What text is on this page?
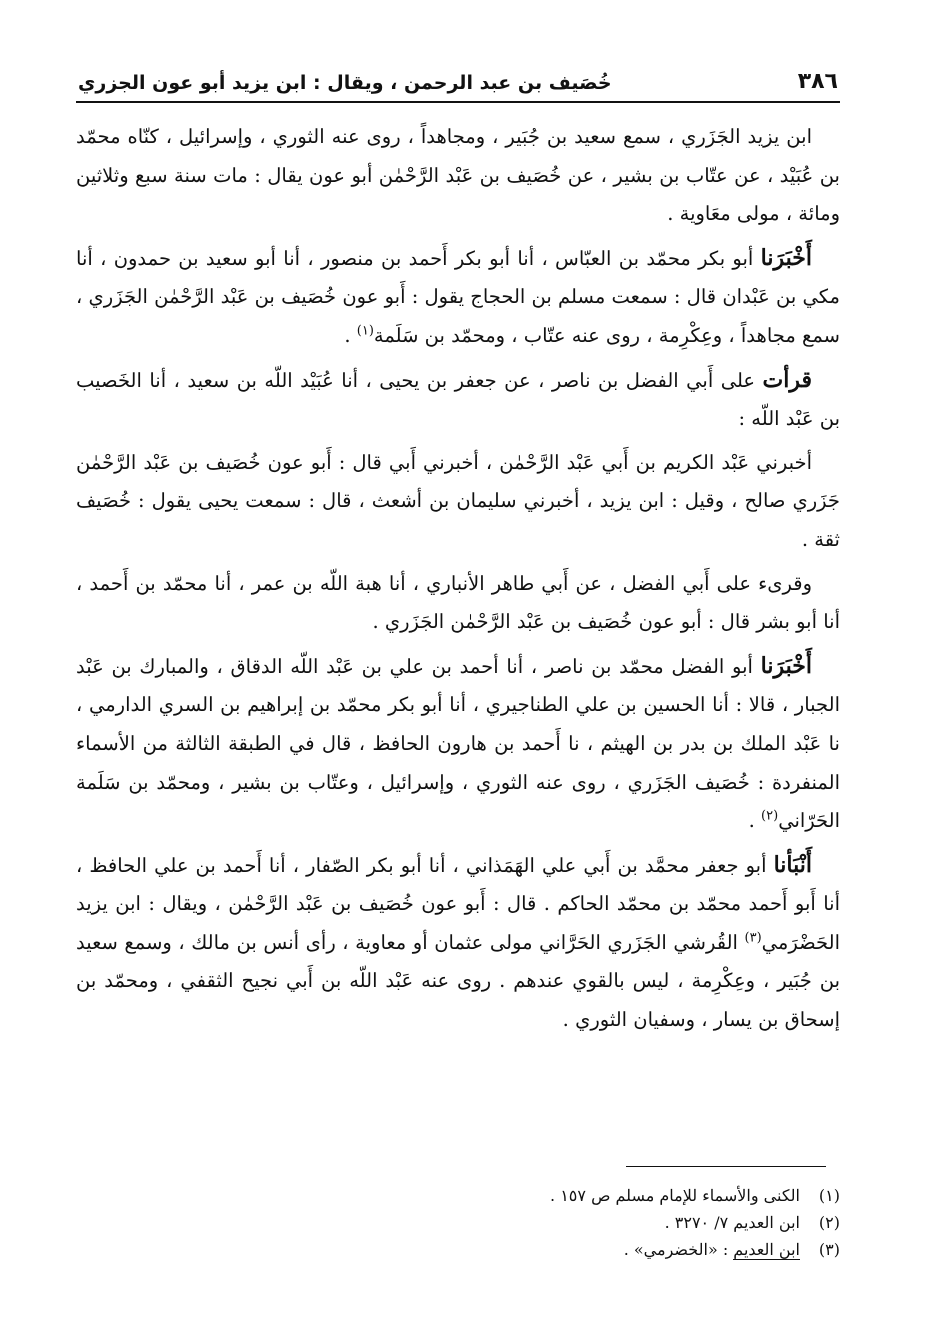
٣٨٦
خُصَيف بن عبد الرحمن ، ويقال : ابن يزيد أبو عون الجزري

ابن يزيد الجَزَري ، سمع سعيد بن جُبَير ، ومجاهداً ، روى عنه الثوري ، وإسرائيل ، كنّاه محمّد بن عُبَيْد ، عن عتّاب بن بشير ، عن خُصَيف بن عَبْد الرَّحْمٰن أبو عون يقال : مات سنة سبع وثلاثين ومائة ، مولى معَاوية .

أَخْبَرَنا أبو بكر محمّد بن العبّاس ، أنا أبو بكر أَحمد بن منصور ، أنا أبو سعيد بن حمدون ، أنا مكي بن عَبْدان قال : سمعت مسلم بن الحجاج يقول : أَبو عون خُصَيف بن عَبْد الرَّحْمٰن الجَزَري ، سمع مجاهداً ، وعِكْرِمة ، روى عنه عتّاب ، ومحمّد بن سَلَمة$^{(١)}$ .

قرأت على أَبي الفضل بن ناصر ، عن جعفر بن يحيى ، أنا عُبَيْد اللّه بن سعيد ، أنا الخَصيب بن عَبْد اللّه :

أخبرني عَبْد الكريم بن أَبي عَبْد الرَّحْمٰن ، أخبرني أَبي قال : أَبو عون خُصَيف بن عَبْد الرَّحْمٰن جَزَري صالح ، وقيل : ابن يزيد ، أخبرني سليمان بن أشعث ، قال : سمعت يحيى يقول : خُصَيف ثقة .

وقرىء على أَبي الفضل ، عن أَبي طاهر الأنباري ، أنا هبة اللّه بن عمر ، أنا محمّد بن أَحمد ، أنا أبو بشر قال : أبو عون خُصَيف بن عَبْد الرَّحْمٰن الجَزَري .

أَخْبَرَنا أبو الفضل محمّد بن ناصر ، أنا أحمد بن علي بن عَبْد اللّه الدقاق ، والمبارك بن عَبْد الجبار ، قالا : أنا الحسين بن علي الطناجيري ، أنا أبو بكر محمّد بن إبراهيم بن السري الدارمي ، نا عَبْد الملك بن بدر بن الهيثم ، نا أَحمد بن هارون الحافظ ، قال في الطبقة الثالثة من الأسماء المنفردة : خُصَيف الجَزَري ، روى عنه الثوري ، وإسرائيل ، وعتّاب بن بشير ، ومحمّد بن سَلَمة الحَرّاني$^{(٢)}$ .

أَنْبَأنا أبو جعفر محمَّد بن أَبي علي الهَمَذاني ، أنا أبو بكر الصّفار ، أنا أَحمد بن علي الحافظ ، أنا أَبو أَحمد محمّد بن محمّد الحاكم . قال : أَبو عون خُصَيف بن عَبْد الرَّحْمٰن ، ويقال : ابن يزيد الحَضْرَمي$^{(٣)}$ القُرشي الجَزَري الحَرَّاني مولى عثمان أو معاوية ، رأى أنس بن مالك ، وسمع سعيد بن جُبَير ، وعِكْرِمة ، ليس بالقوي عندهم . روى عنه عَبْد اللّه بن أَبي نجيح الثقفي ، ومحمّد بن إسحاق بن يسار ، وسفيان الثوري .

(١)الكنى والأسماء للإمام مسلم ص ١٥٧ .

(٢)ابن العديم ٧/ ٣٢٧٠ .

(٣)ابن العديم : «الخضرمي» .
